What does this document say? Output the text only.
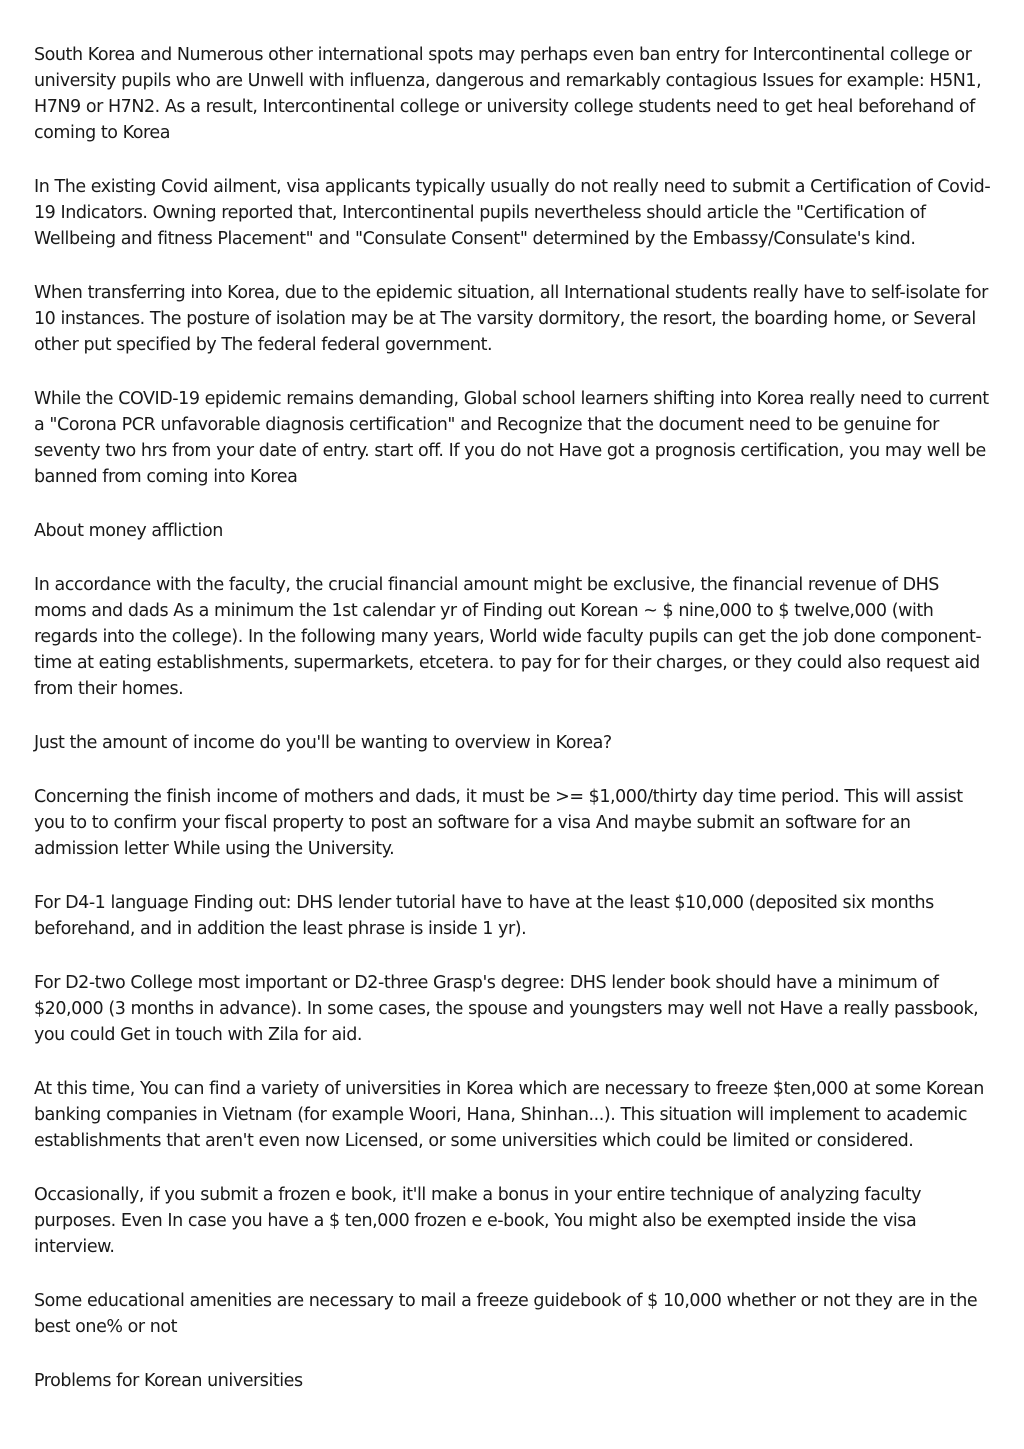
South Korea and Numerous other international spots may perhaps even ban entry for Intercontinental college or university pupils who are Unwell with influenza, dangerous and remarkably contagious Issues for example: H5N1, H7N9 or H7N2. As a result, Intercontinental college or university college students need to get heal beforehand of coming to Korea

In The existing Covid ailment, visa applicants typically usually do not really need to submit a Certification of Covid-19 Indicators. Owning reported that, Intercontinental pupils nevertheless should article the "Certification of Wellbeing and fitness Placement" and "Consulate Consent" determined by the Embassy/Consulate's kind.

When transferring into Korea, due to the epidemic situation, all International students really have to self-isolate for 10 instances. The posture of isolation may be at The varsity dormitory, the resort, the boarding home, or Several other put specified by The federal federal government.

While the COVID-19 epidemic remains demanding, Global school learners shifting into Korea really need to current a "Corona PCR unfavorable diagnosis certification" and Recognize that the document need to be genuine for seventy two hrs from your date of entry. start off. If you do not Have got a prognosis certification, you may well be banned from coming into Korea

About money affliction

In accordance with the faculty, the crucial financial amount might be exclusive, the financial revenue of DHS moms and dads As a minimum the 1st calendar yr of Finding out Korean ~ $ nine,000 to $ twelve,000 (with regards into the college). In the following many years, World wide faculty pupils can get the job done component-time at eating establishments, supermarkets, etcetera. to pay for for their charges, or they could also request aid from their homes.

Just the amount of income do you'll be wanting to overview in Korea?

Concerning the finish income of mothers and dads, it must be >= $1,000/thirty day time period. This will assist you to to confirm your fiscal property to post an software for a visa And maybe submit an software for an admission letter While using the University.

For D4-1 language Finding out: DHS lender tutorial have to have at the least $10,000 (deposited six months beforehand, and in addition the least phrase is inside 1 yr).

For D2-two College most important or D2-three Grasp's degree: DHS lender book should have a minimum of $20,000 (3 months in advance). In some cases, the spouse and youngsters may well not Have a really passbook, you could Get in touch with Zila for aid.

At this time, You can find a variety of universities in Korea which are necessary to freeze $ten,000 at some Korean banking companies in Vietnam (for example Woori, Hana, Shinhan...). This situation will implement to academic establishments that aren't even now Licensed, or some universities which could be limited or considered.

Occasionally, if you submit a frozen e book, it'll make a bonus in your entire technique of analyzing faculty purposes. Even In case you have a $ ten,000 frozen e e-book, You might also be exempted inside the visa interview.

Some educational amenities are necessary to mail a freeze guidebook of $ 10,000 whether or not they are in the best one% or not

Problems for Korean universities
